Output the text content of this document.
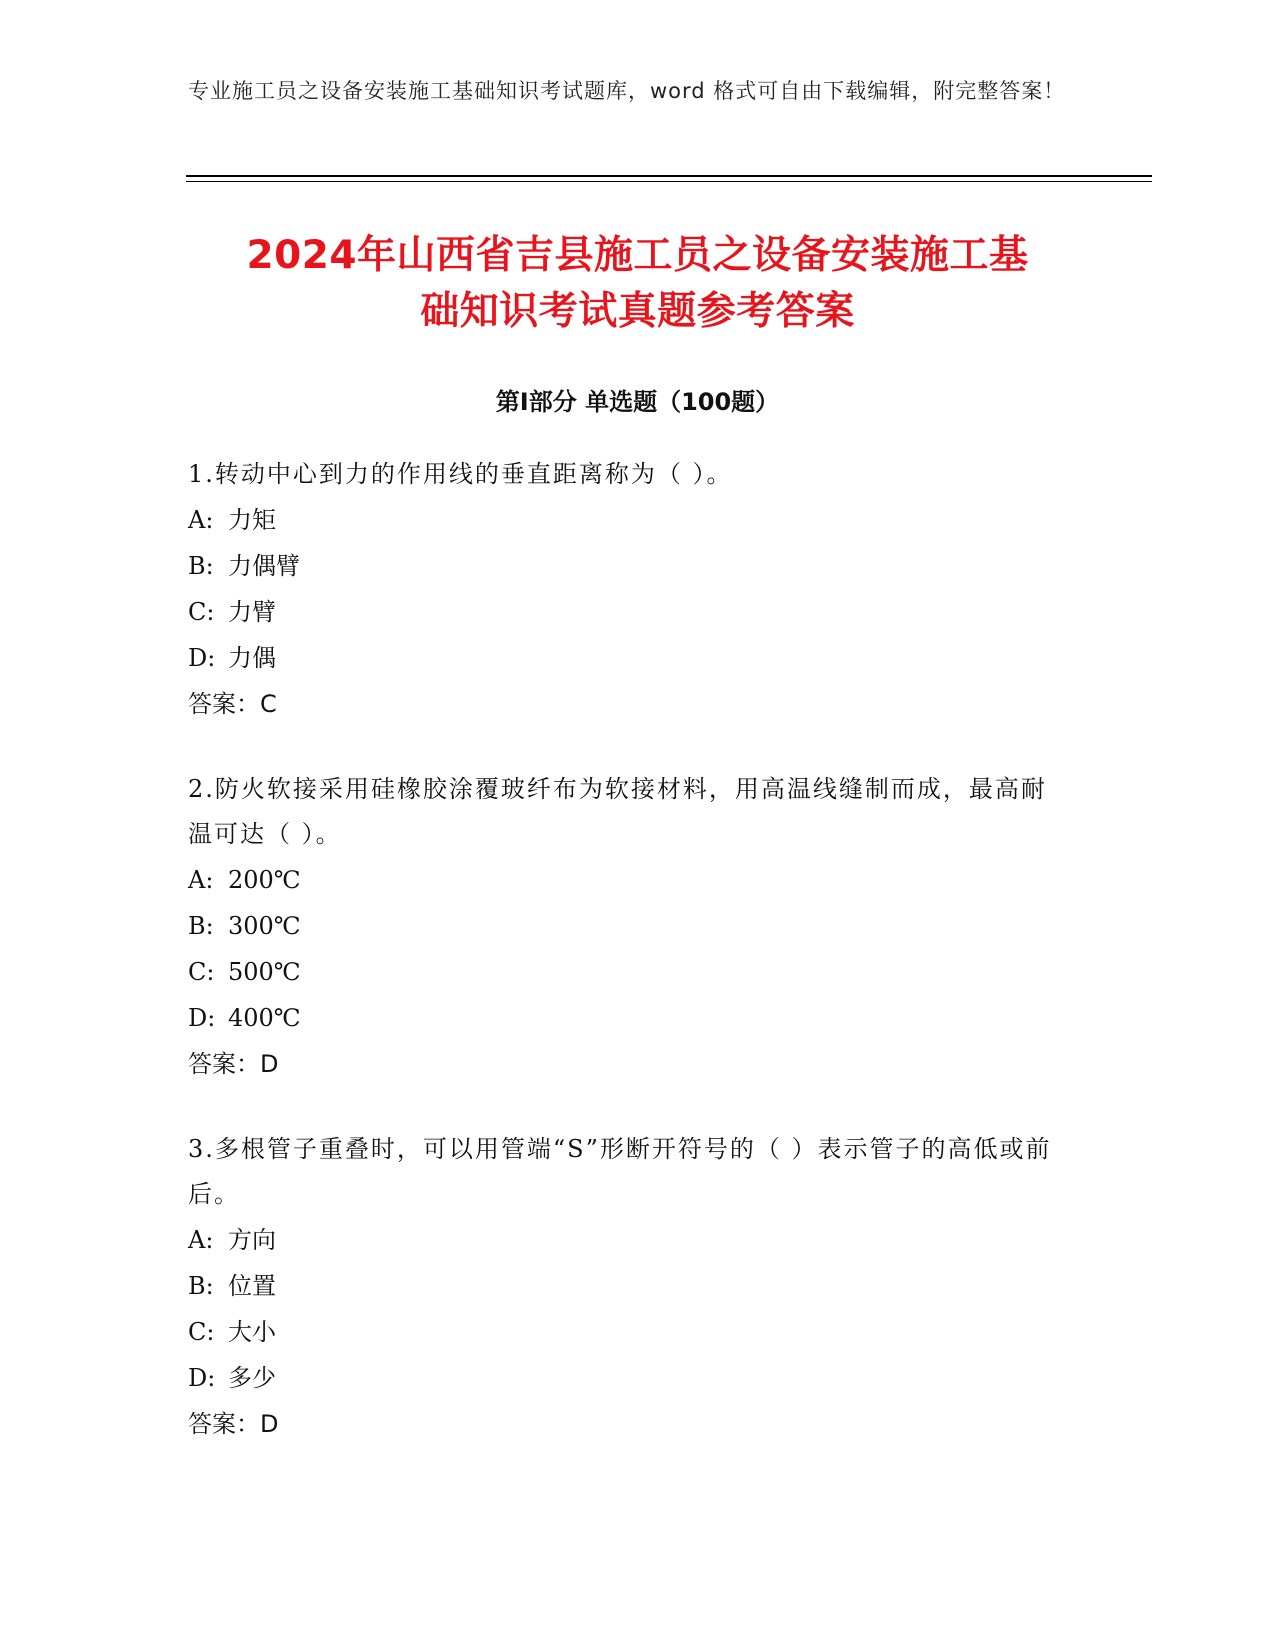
专业施工员之设备安装施工基础知识考试题库，word 格式可自由下载编辑，附完整答案！
2024年山西省吉县施工员之设备安装施工基
础知识考试真题参考答案
第Ⅰ部分 单选题（100题）
1.转动中心到力的作用线的垂直距离称为（ ）。
A: 力矩
B: 力偶臂
C: 力臂
D: 力偶
答案：C
2.防火软接采用硅橡胶涂覆玻纤布为软接材料，用高温线缝制而成，最高耐温可达（ ）。
A: 200℃
B: 300℃
C: 500℃
D: 400℃
答案：D
3.多根管子重叠时，可以用管端“S”形断开符号的（ ）表示管子的高低或前后。
A: 方向
B: 位置
C: 大小
D: 多少
答案：D
